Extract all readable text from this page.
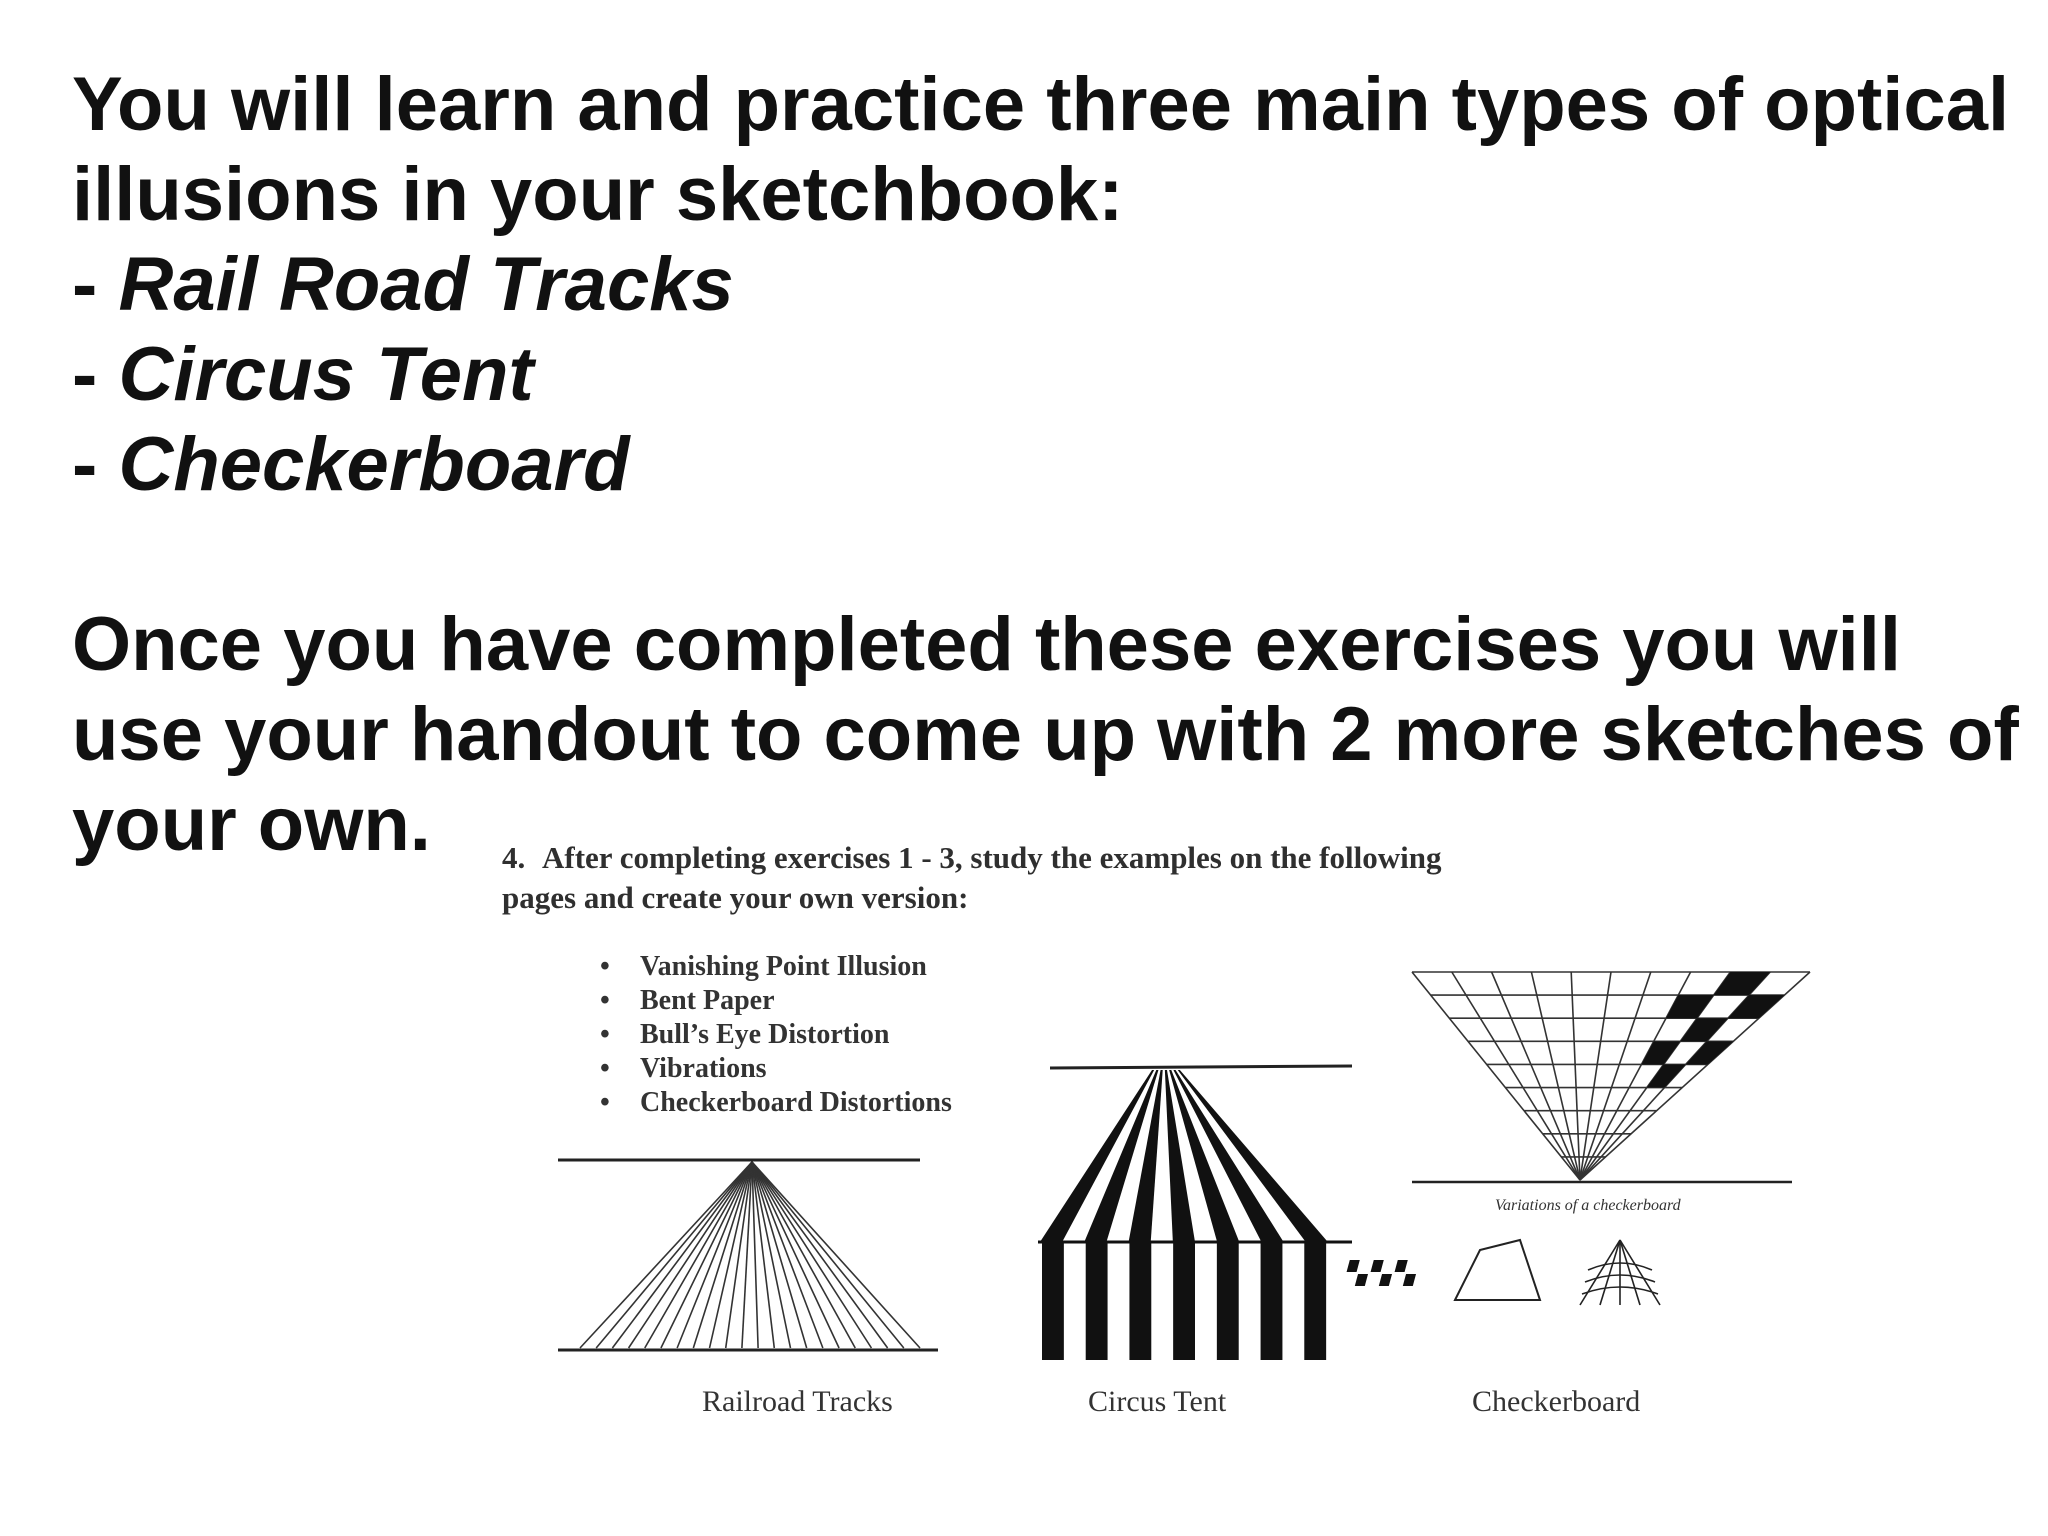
You will learn and practice three main types of optical
illusions in your sketchbook:
- Rail Road Tracks
- Circus Tent
- Checkerboard
Once you have completed these exercises you will
use your handout to come up with 2 more sketches of
your own.	4. After completing exercises 1 - 3, study the examples on the following
pages and create your own version:
• Vanishing Point Illusion
• Bent Paper
• Bull’s Eye Distortion
• Vibrations
• Checkerboard Distortions
Variations of a checkerboard
Railroad Tracks	Circus Tent	Checkerboard
